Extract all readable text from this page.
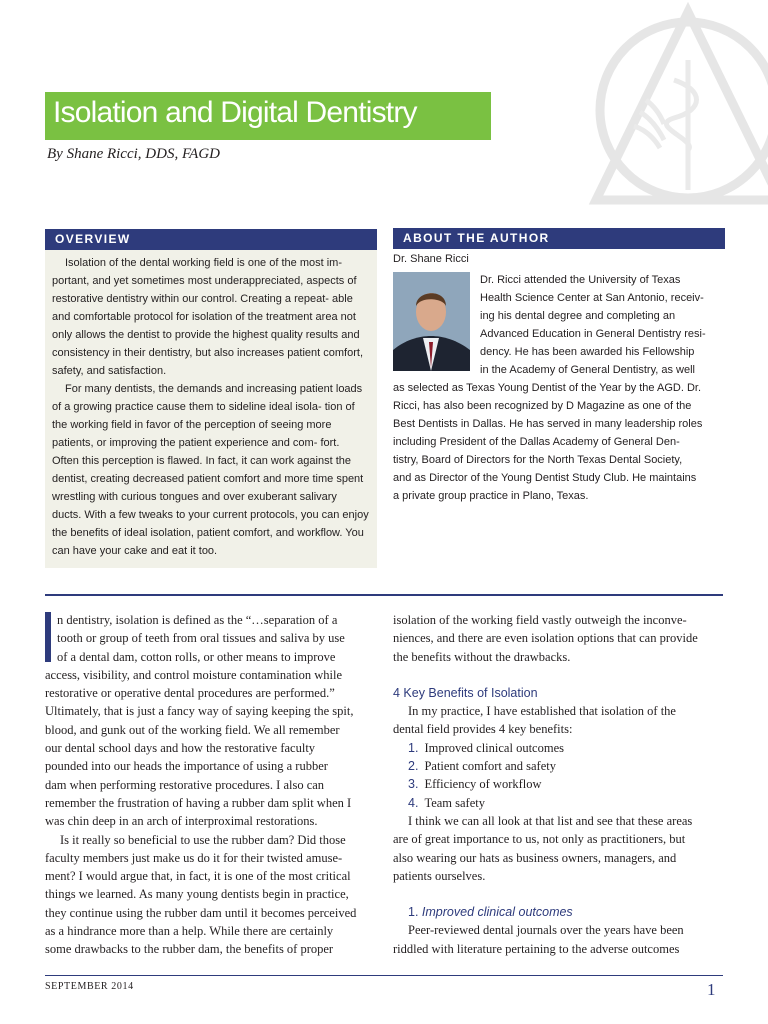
Isolation and Digital Dentistry
By Shane Ricci, DDS, FAGD
OVERVIEW

Isolation of the dental working field is one of the most im- portant, and yet sometimes most underappreciated, aspects of restorative dentistry within our control. Creating a repeat- able and comfortable protocol for isolation of the treatment area not only allows the dentist to provide the highest quality results and consistency in their dentistry, but also increases patient comfort, safety, and satisfaction.

For many dentists, the demands and increasing patient loads of a growing practice cause them to sideline ideal isola- tion of the working field in favor of the perception of seeing more patients, or improving the patient experience and com- fort. Often this perception is flawed. In fact, it can work against the dentist, creating decreased patient comfort and more time spent wrestling with curious tongues and over exuberant salivary ducts. With a few tweaks to your current protocols, you can enjoy the benefits of ideal isolation, patient comfort, and workflow. You can have your cake and eat it too.

ABOUT THE AUTHOR
Dr. Shane Ricci
Dr. Ricci attended the University of Texas
Health Science Center at San Antonio, receiv-
ing his dental degree and completing an
Advanced Education in General Dentistry resi-
dency. He has been awarded his Fellowship
in the Academy of General Dentistry, as well
as selected as Texas Young Dentist of the Year by the AGD. Dr.
Ricci, has also been recognized by D Magazine as one of the
Best Dentists in Dallas. He has served in many leadership roles
including President of the Dallas Academy of General Den-
tistry, Board of Directors for the North Texas Dental Society,
and as Director of the Young Dentist Study Club. He maintains
a private group practice in Plano, Texas.
n dentistry, isolation is defined as the “…separation of a
tooth or group of teeth from oral tissues and saliva by use
of a dental dam, cotton rolls, or other means to improve
access, visibility, and control moisture contamination while
restorative or operative dental procedures are performed.”
Ultimately, that is just a fancy way of saying keeping the spit,
blood, and gunk out of the working field. We all remember
our dental school days and how the restorative faculty
pounded into our heads the importance of using a rubber
dam when performing restorative procedures. I also can
remember the frustration of having a rubber dam split when I
was chin deep in an arch of interproximal restorations.
Is it really so beneficial to use the rubber dam? Did those
faculty members just make us do it for their twisted amuse-
ment? I would argue that, in fact, it is one of the most critical
things we learned. As many young dentists begin in practice,
they continue using the rubber dam until it becomes perceived
as a hindrance more than a help. While there are certainly
some drawbacks to the rubber dam, the benefits of proper
isolation of the working field vastly outweigh the inconve-
niences, and there are even isolation options that can provide
the benefits without the drawbacks.
4 Key Benefits of Isolation
In my practice, I have established that isolation of the
dental field provides 4 key benefits:
1. Improved clinical outcomes
2. Patient comfort and safety
3. Efficiency of workflow
4. Team safety
I think we can all look at that list and see that these areas
are of great importance to us, not only as practitioners, but
also wearing our hats as business owners, managers, and
patients ourselves.
1. Improved clinical outcomes
Peer-reviewed dental journals over the years have been
riddled with literature pertaining to the adverse outcomes
SEPTEMBER 2014	1
